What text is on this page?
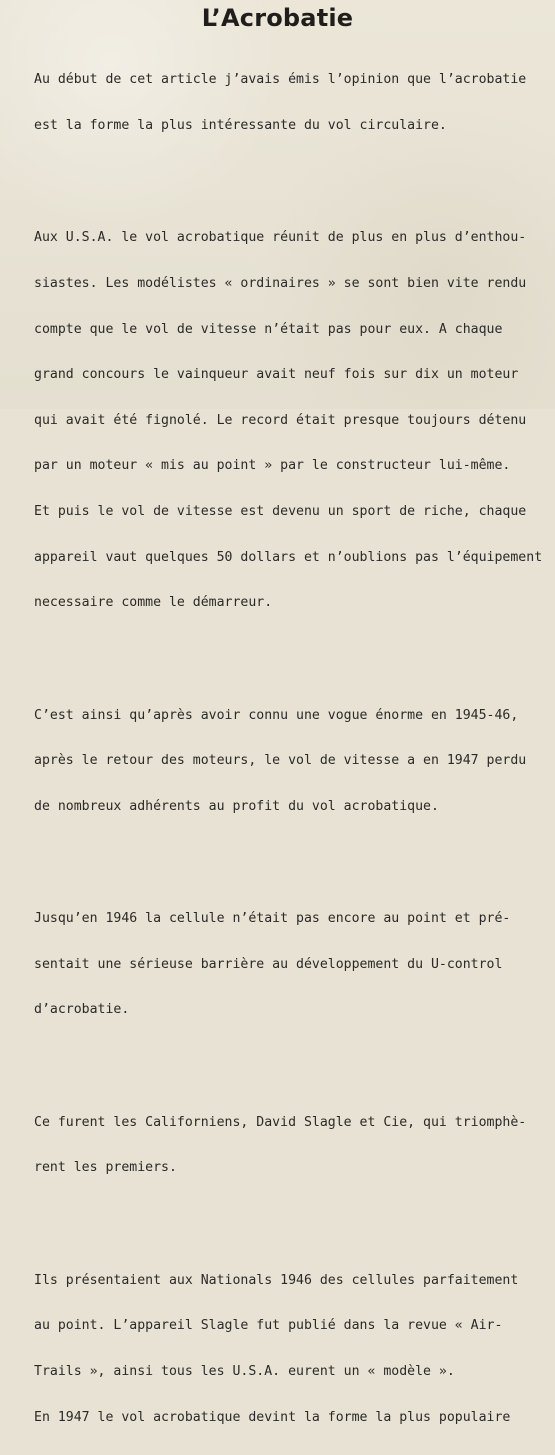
L’Acrobatie

Au début de cet article j’avais émis l’opinion que l’acrobatie

est la forme la plus intéressante du vol circulaire.

Aux U.S.A. le vol acrobatique réunit de plus en plus d’enthou-

siastes. Les modélistes « ordinaires » se sont bien vite rendu

compte que le vol de vitesse n’était pas pour eux. A chaque

grand concours le vainqueur avait neuf fois sur dix un moteur

qui avait été fignolé. Le record était presque toujours détenu

par un moteur « mis au point » par le constructeur lui-même.

Et puis le vol de vitesse est devenu un sport de riche, chaque

appareil vaut quelques 50 dollars et n’oublions pas l’équipement

necessaire comme le démarreur.

C’est ainsi qu’après avoir connu une vogue énorme en 1945-46,

après le retour des moteurs, le vol de vitesse a en 1947 perdu

de nombreux adhérents au profit du vol acrobatique.

Jusqu’en 1946 la cellule n’était pas encore au point et pré-

sentait une sérieuse barrière au développement du U-control

d’acrobatie.

Ce furent les Californiens, David Slagle et Cie, qui triomphè-

rent les premiers.

Ils présentaient aux Nationals 1946 des cellules parfaitement

au point. L’appareil Slagle fut publié dans la revue « Air-

Trails », ainsi tous les U.S.A. eurent un « modèle ».

En 1947 le vol acrobatique devint la forme la plus populaire
